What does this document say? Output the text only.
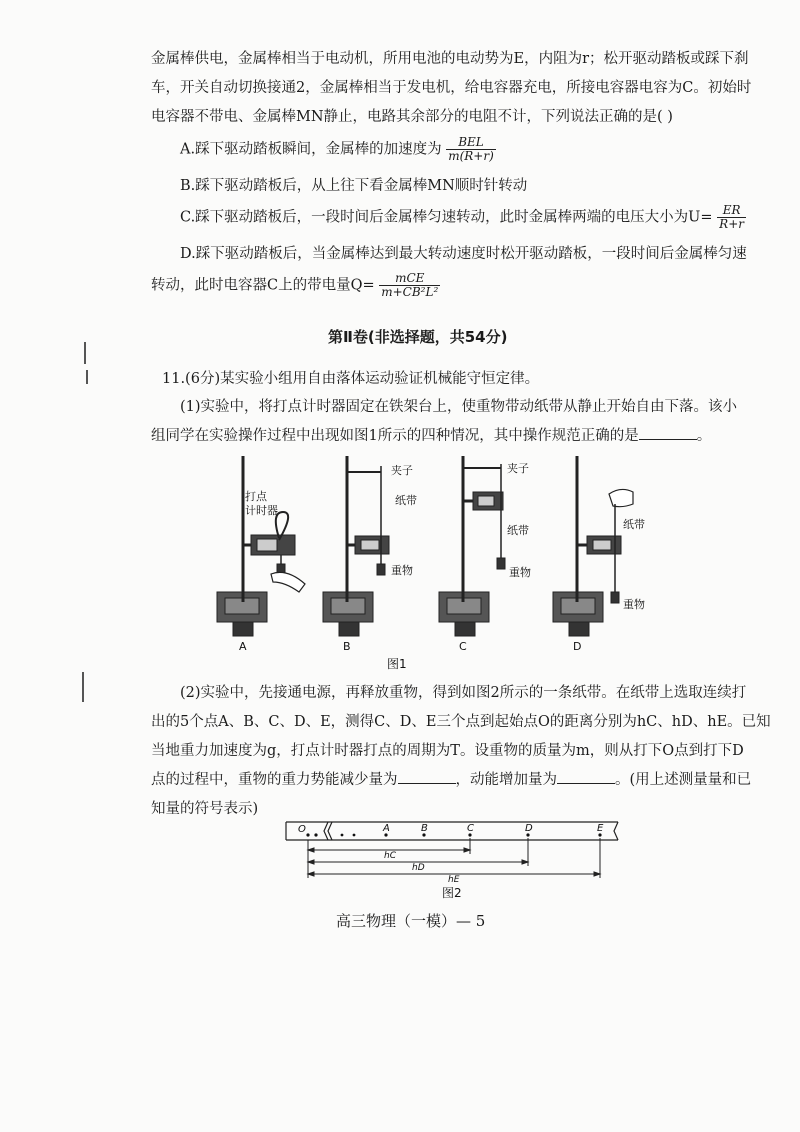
金属棒供电，金属棒相当于电动机，所用电池的电动势为E，内阻为r；松开驱动踏板或踩下刹
车，开关自动切换接通2，金属棒相当于发电机，给电容器充电，所接电容器电容为C。初始时
电容器不带电、金属棒MN静止，电路其余部分的电阻不计，下列说法正确的是( )
A.踩下驱动踏板瞬间，金属棒的加速度为 $\frac{\text{BEL}}{m(R+r)}$
B.踩下驱动踏板后，从上往下看金属棒MN顺时针转动
C.踩下驱动踏板后，一段时间后金属棒匀速转动，此时金属棒两端的电压大小为$U= \frac{ER}{R+r}$
D.踩下驱动踏板后，当金属棒达到最大转动速度时松开驱动踏板，一段时间后金属棒匀速
转动，此时电容器C上的带电量$Q= \frac{\text{mCE}}{\text{m+CB²L²}}$
第Ⅱ卷(非选择题，共54分)
11.(6分)某实验小组用自由落体运动验证机械能守恒定律。
(1)实验中，将打点计时器固定在铁架台上，使重物带动纸带从静止开始自由下落。该小
组同学在实验操作过程中出现如图1所示的四种情况，其中操作规范正确的是	。
打点
计时器
夹子
纸带
重物
夹子
纸带
重物
纸带
重物
A	B	C	D
图1
(2)实验中，先接通电源，再释放重物，得到如图2所示的一条纸带。在纸带上选取连续打
出的5个点A、B、C、D、E，测得C、D、E三个点到起始点O的距离分别为hC、hD、hE。已知
当地重力加速度为g，打点计时器打点的周期为T。设重物的质量为m，则从打下O点到打下D
点的过程中，重物的重力势能减少量为	，动能增加量为	。(用上述测量量和已
知量的符号表示)
O	A	B	C	D	E
hC
hD
hE
图2
高三物理（一模）— 5
